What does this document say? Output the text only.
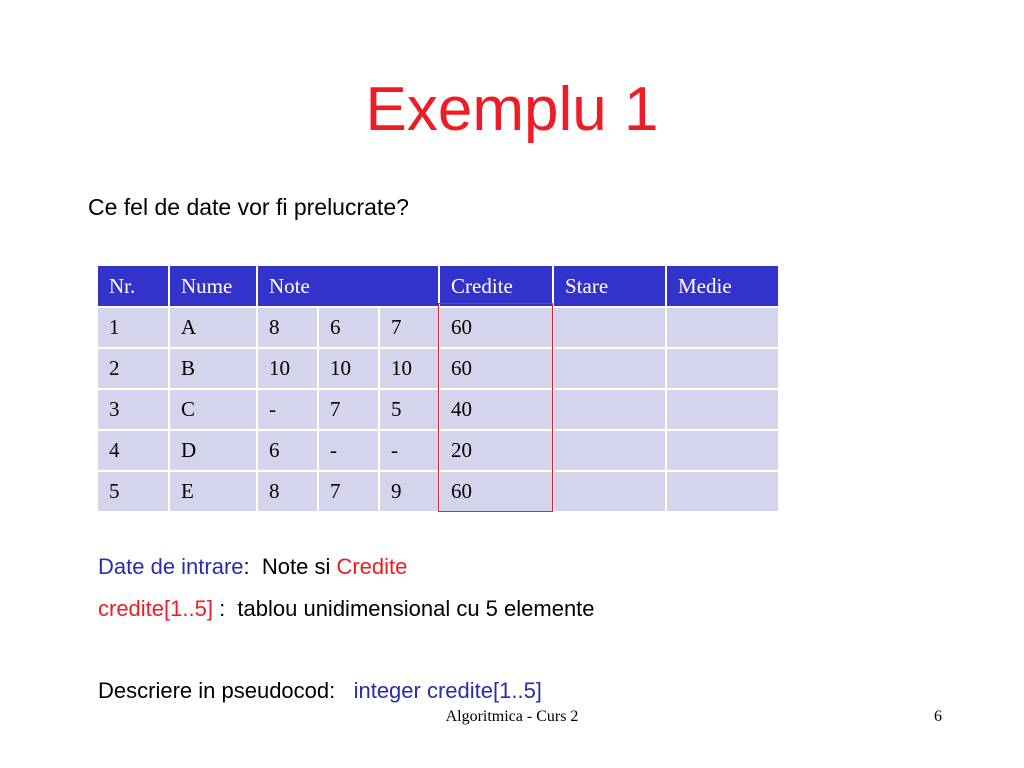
Exemplu 1
Ce fel de date vor fi prelucrate?
Nr.	Nume	Note			Credite	Stare	Medie
1	A	8	6	7	60		
2	B	10	10	10	60		
3	C	-	7	5	40		
4	D	6	-	-	20		
5	E	8	7	9	60		
Date de intrare:  Note si Credite
credite[1..5] :  tablou unidimensional cu 5 elemente
Descriere in pseudocod:   integer credite[1..5]
Algoritmica - Curs 2	6
